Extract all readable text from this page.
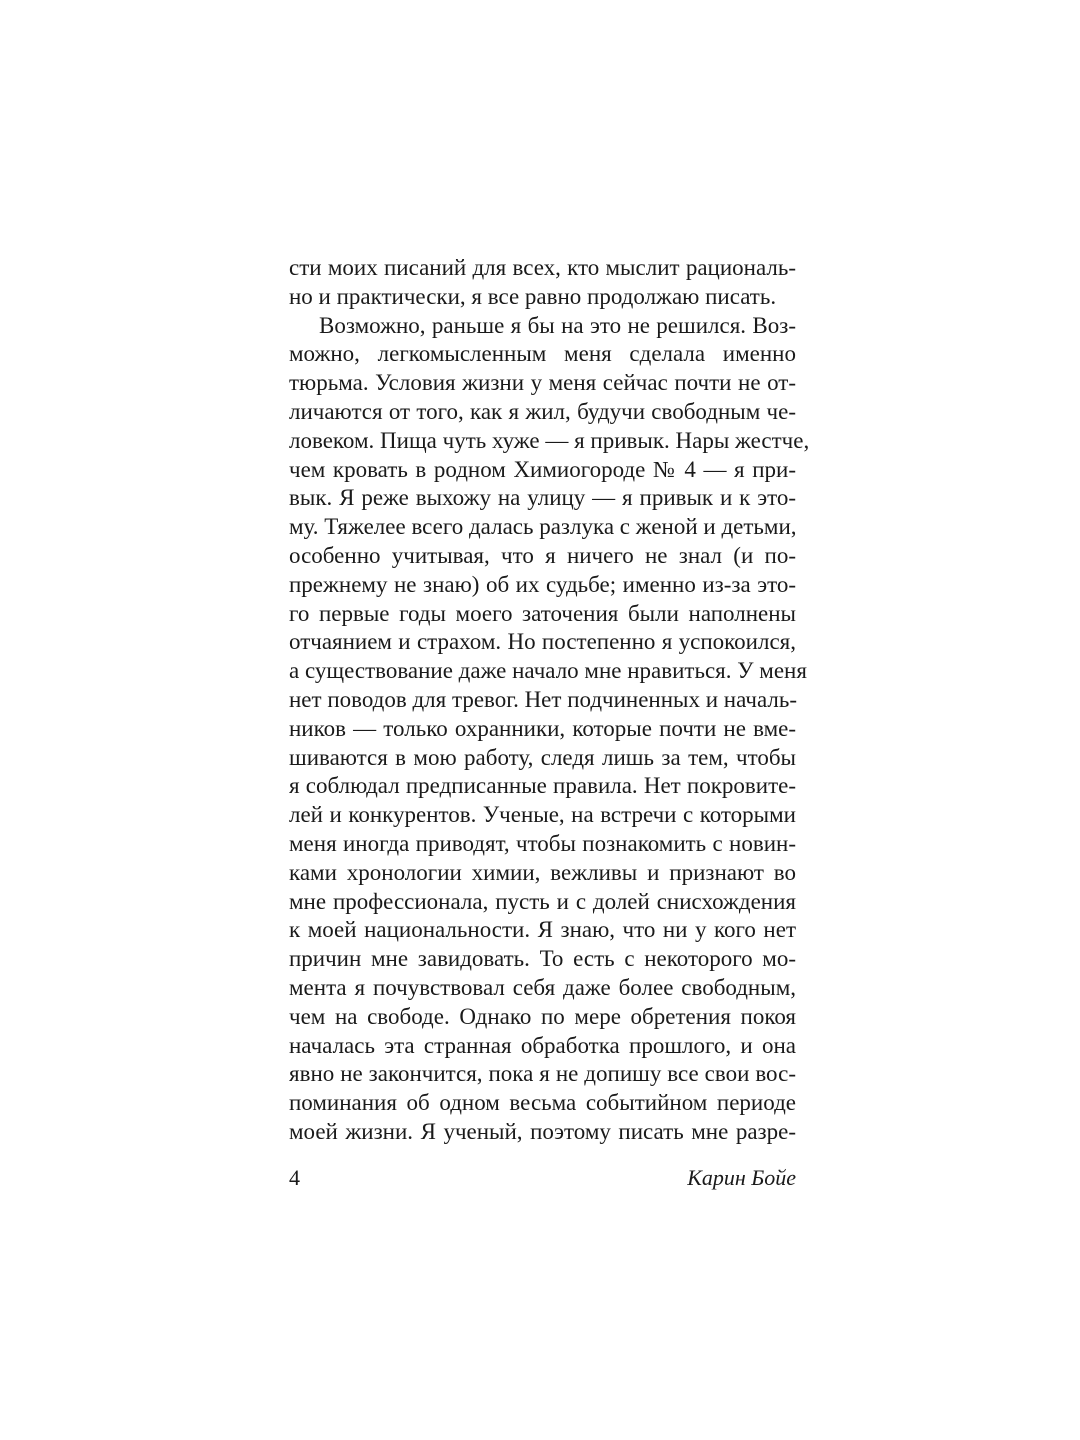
сти моих писаний для всех, кто мыслит рациональ-
но и практически, я все равно продолжаю писать.
Возможно, раньше я бы на это не решился. Воз-
можно, легкомысленным меня сделала именно
тюрьма. Условия жизни у меня сейчас почти не от-
личаются от того, как я жил, будучи свободным че-
ловеком. Пища чуть хуже — я привык. Нары жестче,
чем кровать в родном Химиогороде № 4 — я при-
вык. Я реже выхожу на улицу — я привык и к это-
му. Тяжелее всего далась разлука с женой и детьми,
особенно учитывая, что я ничего не знал (и по-
прежнему не знаю) об их судьбе; именно из-за это-
го первые годы моего заточения были наполнены
отчаянием и страхом. Но постепенно я успокоился,
а существование даже начало мне нравиться. У меня
нет поводов для тревог. Нет подчиненных и началь-
ников — только охранники, которые почти не вме-
шиваются в мою работу, следя лишь за тем, чтобы
я соблюдал предписанные правила. Нет покровите-
лей и конкурентов. Ученые, на встречи с которыми
меня иногда приводят, чтобы познакомить с новин-
ками хронологии химии, вежливы и признают во
мне профессионала, пусть и с долей снисхождения
к моей национальности. Я знаю, что ни у кого нет
причин мне завидовать. То есть с некоторого мо-
мента я почувствовал себя даже более свободным,
чем на свободе. Однако по мере обретения покоя
началась эта странная обработка прошлого, и она
явно не закончится, пока я не допишу все свои вос-
поминания об одном весьма событийном периоде
моей жизни. Я ученый, поэтому писать мне разре-
4	Карин Бойе
